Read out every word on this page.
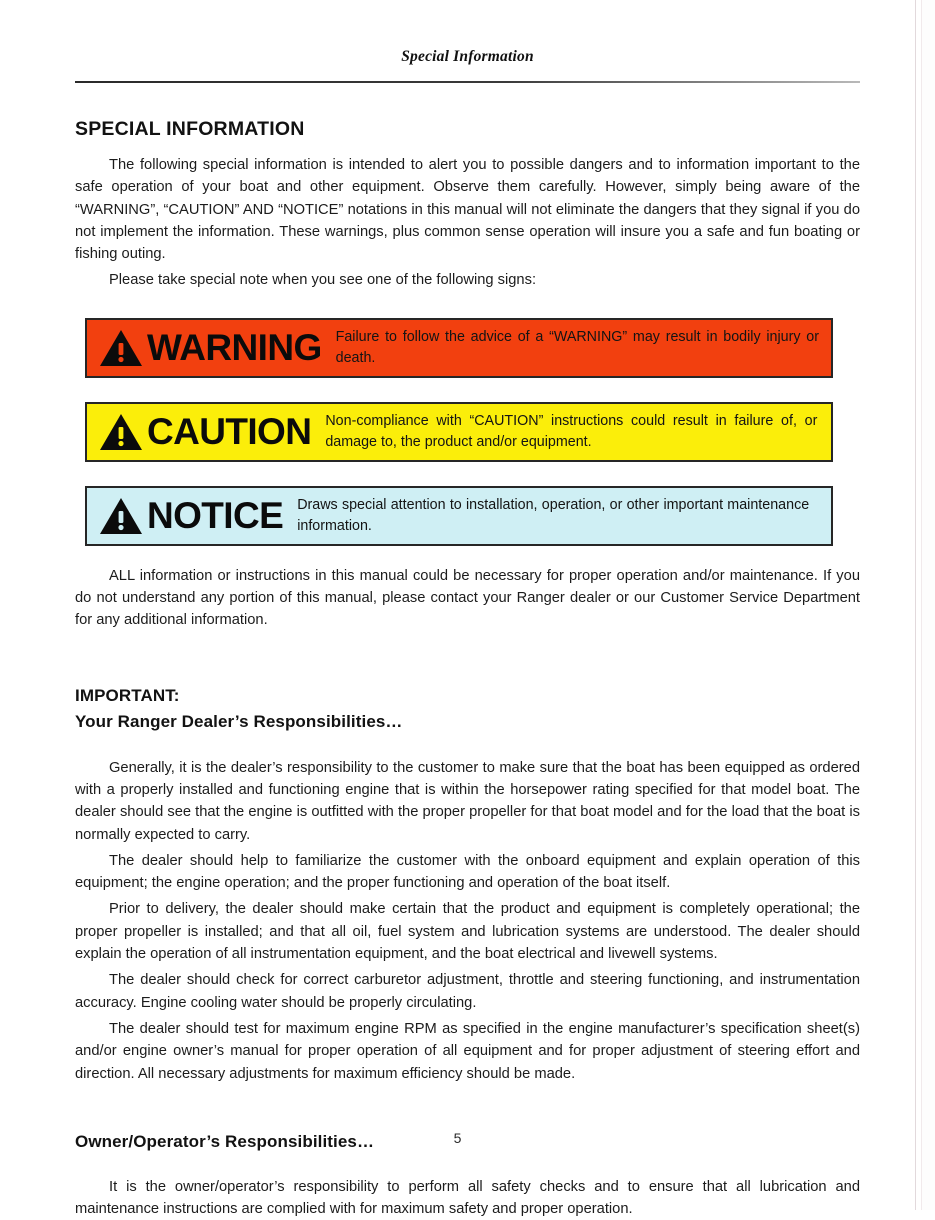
Special Information
SPECIAL INFORMATION

The following special information is intended to alert you to possible dangers and to information important to the safe operation of your boat and other equipment. Observe them carefully. However, simply being aware of the “WARNING”, “CAUTION” AND “NOTICE” notations in this manual will not eliminate the dangers that they signal if you do not implement the information. These warnings, plus common sense operation will insure you a safe and fun boating or fishing outing.

Please take special note when you see one of the following signs:

WARNING Failure to follow the advice of a “WARNING” may result in bodily injury or death.
CAUTION Non-compliance with “CAUTION” instructions could result in failure of, or damage to, the product and/or equipment.
NOTICE Draws special attention to installation, operation, or other important maintenance information.

ALL information or instructions in this manual could be necessary for proper operation and/or maintenance. If you do not understand any portion of this manual, please contact your Ranger dealer or our Customer Service Department for any additional information.

IMPORTANT:
Your Ranger Dealer’s Responsibilities…

Generally, it is the dealer’s responsibility to the customer to make sure that the boat has been equipped as ordered with a properly installed and functioning engine that is within the horsepower rating specified for that model boat. The dealer should see that the engine is outfitted with the proper propeller for that boat model and for the load that the boat is normally expected to carry.

The dealer should help to familiarize the customer with the onboard equipment and explain operation of this equipment; the engine operation; and the proper functioning and operation of the boat itself.

Prior to delivery, the dealer should make certain that the product and equipment is completely operational; the proper propeller is installed; and that all oil, fuel system and lubrication systems are understood. The dealer should explain the operation of all instrumentation equipment, and the boat electrical and livewell systems.

The dealer should check for correct carburetor adjustment, throttle and steering functioning, and instrumentation accuracy. Engine cooling water should be properly circulating.

The dealer should test for maximum engine RPM as specified in the engine manufacturer’s specification sheet(s) and/or engine owner’s manual for proper operation of all equipment and for proper adjustment of steering effort and direction. All necessary adjustments for maximum efficiency should be made.

Owner/Operator’s Responsibilities…

It is the owner/operator’s responsibility to perform all safety checks and to ensure that all lubrication and maintenance instructions are complied with for maximum safety and proper operation.

5
